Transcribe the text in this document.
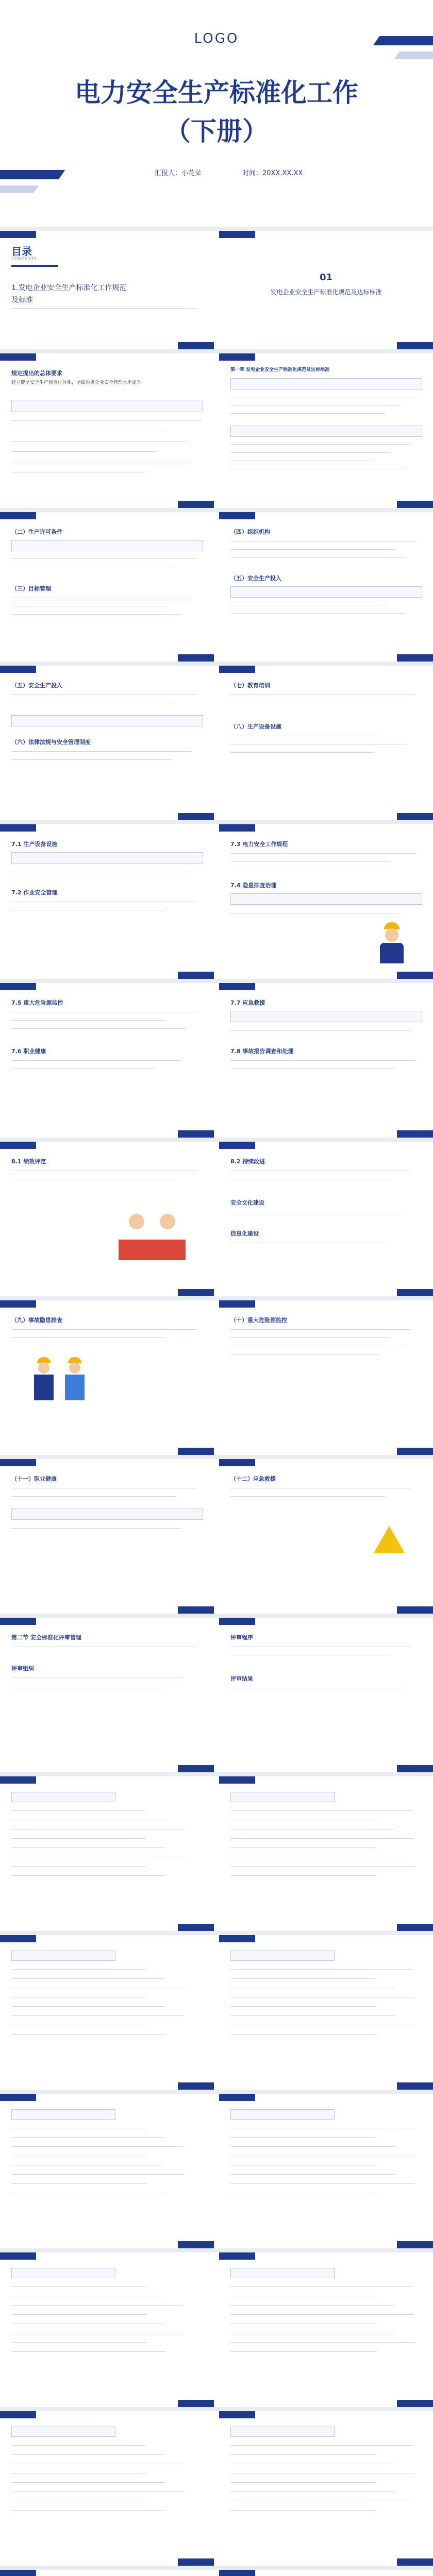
LOGO
电力安全生产标准化工作
（下册）
汇报人：小花朵	时间：20XX.XX.XX
目录
CONTENTS
1.发电企业安全生产标准化工作规范
及标准
01
发电企业安全生产标准化规范及达标标准
规定提出的总体要求
建立健全安全生产标准化体系，全面推进企业安全管理水平提升
第一章 发电企业安全生产标准化规范及达标标准
（二）生产许可条件
（三）目标管理
（四）组织机构
（五）安全生产投入
（五）安全生产投入
（六）法律法规与安全管理制度
（七）教育培训
（八）生产设备设施
7.1 生产设备设施
7.2 作业安全管理
7.3 电力安全工作规程
7.4 隐患排查治理
7.5 重大危险源监控
7.6 职业健康
7.7 应急救援
7.8 事故报告调查和处理
8.1 绩效评定	8.2 持续改进
安全文化建设
信息化建设
（九）事故隐患排查	（十）重大危险源监控
（十一）职业健康	（十二）应急救援
第二节 安全标准化评审管理
评审组织
评审程序
评审结果
